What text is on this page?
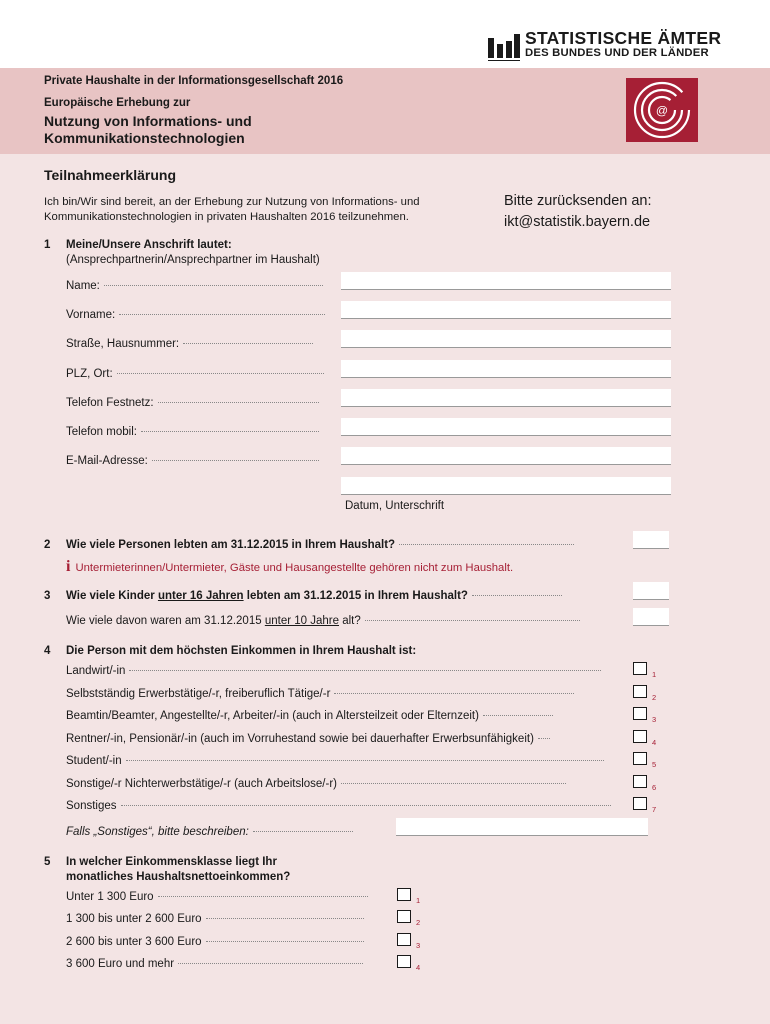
STATISTISCHE ÄMTER
DES BUNDES UND DER LÄNDER
Private Haushalte in der Informationsgesellschaft 2016
Europäische Erhebung zur
Nutzung von Informations- und Kommunikationstechnologien
@
Teilnahmeerklärung
Ich bin/Wir sind bereit, an der Erhebung zur Nutzung von Informations- und Kommunikationstechnologien in privaten Haushalten 2016 teilzunehmen.
Bitte zurücksenden an:
ikt@statistik.bayern.de
1 Meine/Unsere Anschrift lautet:
(Ansprechpartnerin/Ansprechpartner im Haushalt)
Name:
Vorname:
Straße, Hausnummer:
PLZ, Ort:
Telefon Festnetz:
Telefon mobil:
E-Mail-Adresse:
Datum, Unterschrift
2 Wie viele Personen lebten am 31.12.2015 in Ihrem Haushalt?
i Untermieterinnen/Untermieter, Gäste und Hausangestellte gehören nicht zum Haushalt.
3 Wie viele Kinder
unter 16 Jahren
lebten am 31.12.2015 in Ihrem Haushalt?
Wie viele davon waren am 31.12.2015
unter 10 Jahre
alt?
4 Die Person mit dem höchsten Einkommen in Ihrem Haushalt ist:
Landwirt/-in	1
Selbstständig Erwerbstätige/-r, freiberuflich Tätige/-r	2
Beamtin/Beamter, Angestellte/-r, Arbeiter/-in (auch in Altersteilzeit oder Elternzeit)	3
Rentner/-in, Pensionär/-in (auch im Vorruhestand sowie bei dauerhafter Erwerbsunfähigkeit)	4
Student/-in	5
Sonstige/-r Nichterwerbstätige/-r (auch Arbeitslose/-r)	6
Sonstiges	7
Falls „Sonstiges“, bitte beschreiben:
5 In welcher Einkommensklasse liegt Ihr
monatliches Haushaltsnettoeinkommen?
Unter 1 300 Euro	1
1 300 bis unter 2 600 Euro	2
2 600 bis unter 3 600 Euro	3
3 600 Euro und mehr	4
